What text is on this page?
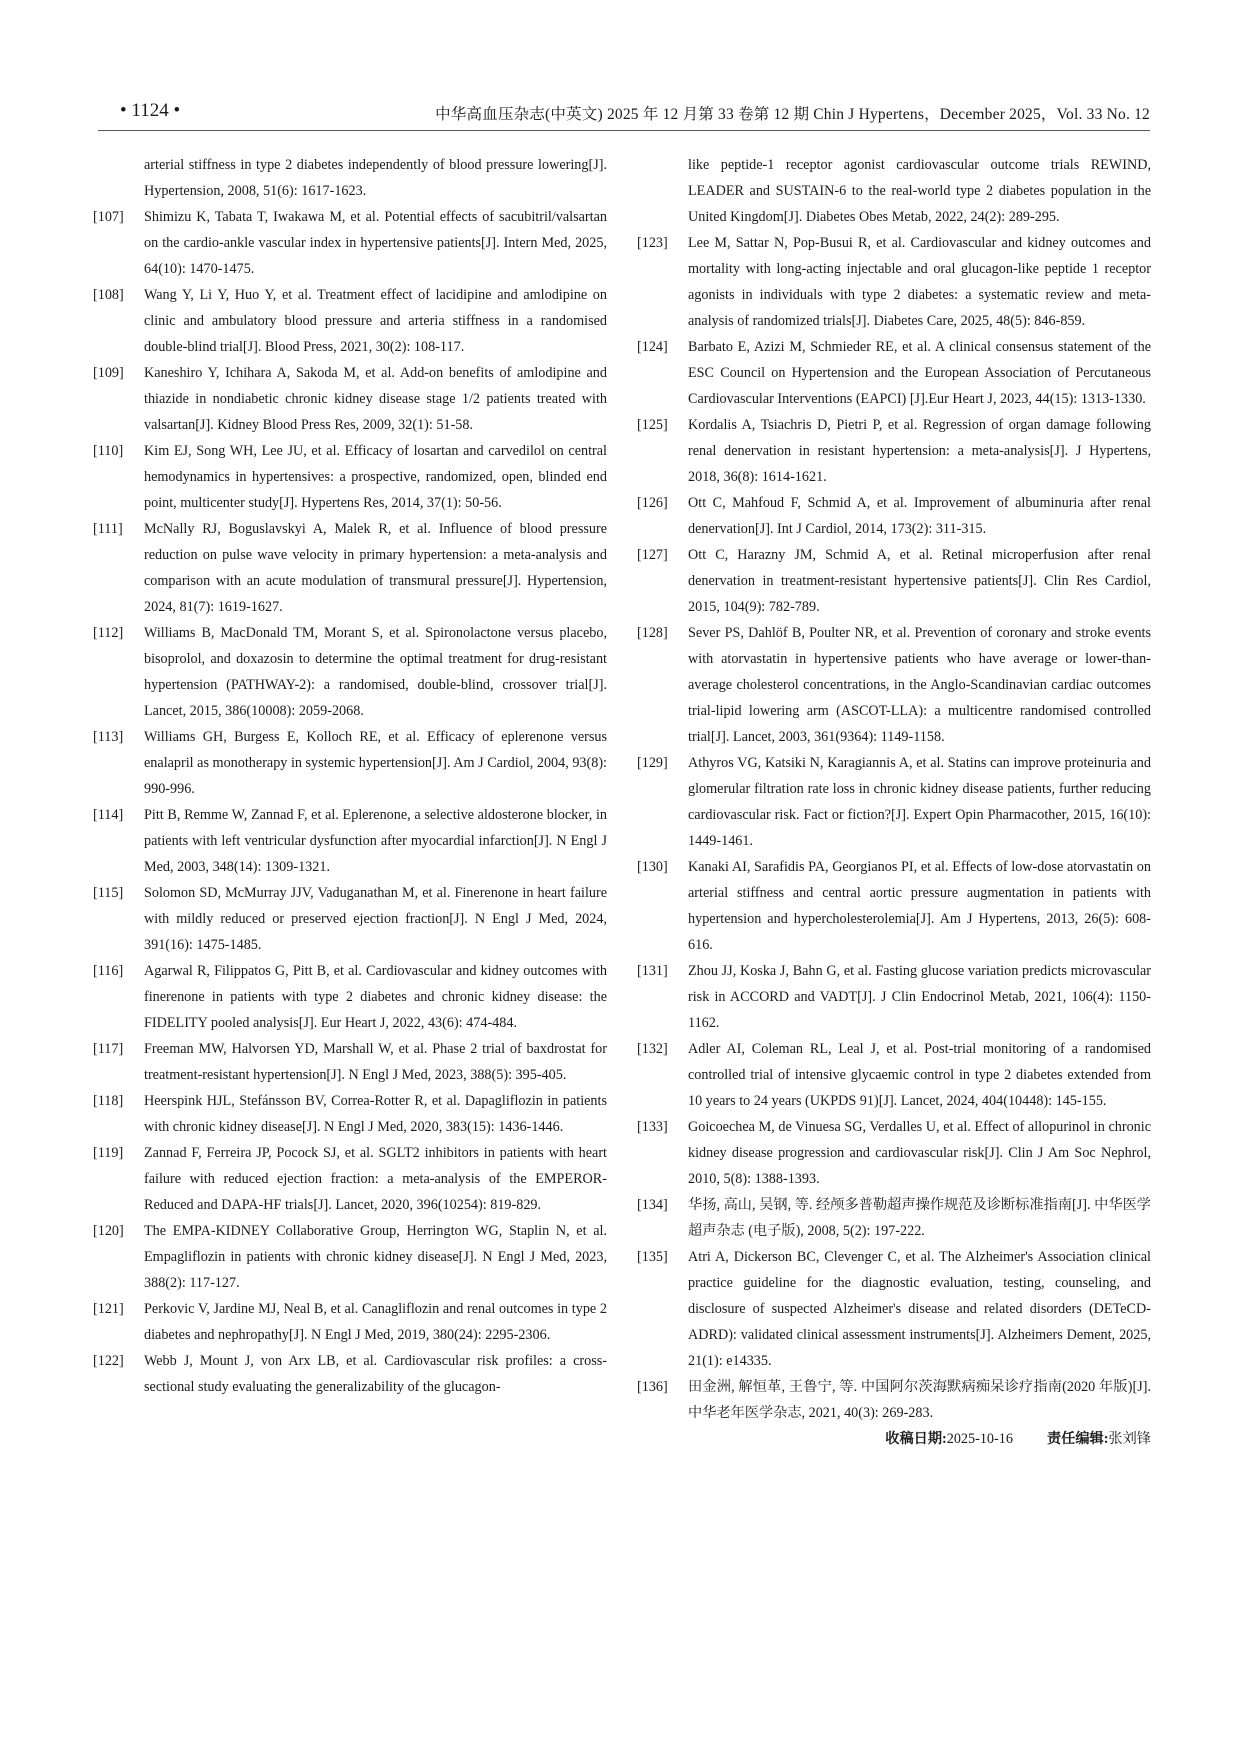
• 1124 •	中华高血压杂志(中英文) 2025 年 12 月第 33 卷第 12 期 Chin J Hypertens，December 2025，Vol. 33 No. 12
arterial stiffness in type 2 diabetes independently of blood pressure lowering[J]. Hypertension, 2008, 51(6): 1617-1623.
[107]	Shimizu K, Tabata T, Iwakawa M, et al. Potential effects of sacubitril/valsartan on the cardio-ankle vascular index in hypertensive patients[J]. Intern Med, 2025, 64(10): 1470-1475.
[108]	Wang Y, Li Y, Huo Y, et al. Treatment effect of lacidipine and amlodipine on clinic and ambulatory blood pressure and arteria stiffness in a randomised double-blind trial[J]. Blood Press, 2021, 30(2): 108-117.
[109]	Kaneshiro Y, Ichihara A, Sakoda M, et al. Add-on benefits of amlodipine and thiazide in nondiabetic chronic kidney disease stage 1/2 patients treated with valsartan[J]. Kidney Blood Press Res, 2009, 32(1): 51-58.
[110]	Kim EJ, Song WH, Lee JU, et al. Efficacy of losartan and carvedilol on central hemodynamics in hypertensives: a prospective, randomized, open, blinded end point, multicenter study[J]. Hypertens Res, 2014, 37(1): 50-56.
[111]	McNally RJ, Boguslavskyi A, Malek R, et al. Influence of blood pressure reduction on pulse wave velocity in primary hypertension: a meta-analysis and comparison with an acute modulation of transmural pressure[J]. Hypertension, 2024, 81(7): 1619-1627.
[112]	Williams B, MacDonald TM, Morant S, et al. Spironolactone versus placebo, bisoprolol, and doxazosin to determine the optimal treatment for drug-resistant hypertension (PATHWAY-2): a randomised, double-blind, crossover trial[J]. Lancet, 2015, 386(10008): 2059-2068.
[113]	Williams GH, Burgess E, Kolloch RE, et al. Efficacy of eplerenone versus enalapril as monotherapy in systemic hypertension[J]. Am J Cardiol, 2004, 93(8): 990-996.
[114]	Pitt B, Remme W, Zannad F, et al. Eplerenone, a selective aldosterone blocker, in patients with left ventricular dysfunction after myocardial infarction[J]. N Engl J Med, 2003, 348(14): 1309-1321.
[115]	Solomon SD, McMurray JJV, Vaduganathan M, et al. Finerenone in heart failure with mildly reduced or preserved ejection fraction[J]. N Engl J Med, 2024, 391(16): 1475-1485.
[116]	Agarwal R, Filippatos G, Pitt B, et al. Cardiovascular and kidney outcomes with finerenone in patients with type 2 diabetes and chronic kidney disease: the FIDELITY pooled analysis[J]. Eur Heart J, 2022, 43(6): 474-484.
[117]	Freeman MW, Halvorsen YD, Marshall W, et al. Phase 2 trial of baxdrostat for treatment-resistant hypertension[J]. N Engl J Med, 2023, 388(5): 395-405.
[118]	Heerspink HJL, Stefánsson BV, Correa-Rotter R, et al. Dapagliflozin in patients with chronic kidney disease[J]. N Engl J Med, 2020, 383(15): 1436-1446.
[119]	Zannad F, Ferreira JP, Pocock SJ, et al. SGLT2 inhibitors in patients with heart failure with reduced ejection fraction: a meta-analysis of the EMPEROR-Reduced and DAPA-HF trials[J]. Lancet, 2020, 396(10254): 819-829.
[120]	The EMPA-KIDNEY Collaborative Group, Herrington WG, Staplin N, et al. Empagliflozin in patients with chronic kidney disease[J]. N Engl J Med, 2023, 388(2): 117-127.
[121]	Perkovic V, Jardine MJ, Neal B, et al. Canagliflozin and renal outcomes in type 2 diabetes and nephropathy[J]. N Engl J Med, 2019, 380(24): 2295-2306.
[122]	Webb J, Mount J, von Arx LB, et al. Cardiovascular risk profiles: a cross-sectional study evaluating the generalizability of the glucagon-
like peptide-1 receptor agonist cardiovascular outcome trials REWIND, LEADER and SUSTAIN-6 to the real-world type 2 diabetes population in the United Kingdom[J]. Diabetes Obes Metab, 2022, 24(2): 289-295.
[123]	Lee M, Sattar N, Pop-Busui R, et al. Cardiovascular and kidney outcomes and mortality with long-acting injectable and oral glucagon-like peptide 1 receptor agonists in individuals with type 2 diabetes: a systematic review and meta-analysis of randomized trials[J]. Diabetes Care, 2025, 48(5): 846-859.
[124]	Barbato E, Azizi M, Schmieder RE, et al. A clinical consensus statement of the ESC Council on Hypertension and the European Association of Percutaneous Cardiovascular Interventions (EAPCI) [J].Eur Heart J, 2023, 44(15): 1313-1330.
[125]	Kordalis A, Tsiachris D, Pietri P, et al. Regression of organ damage following renal denervation in resistant hypertension: a meta-analysis[J]. J Hypertens, 2018, 36(8): 1614-1621.
[126]	Ott C, Mahfoud F, Schmid A, et al. Improvement of albuminuria after renal denervation[J]. Int J Cardiol, 2014, 173(2): 311-315.
[127]	Ott C, Harazny JM, Schmid A, et al. Retinal microperfusion after renal denervation in treatment-resistant hypertensive patients[J]. Clin Res Cardiol, 2015, 104(9): 782-789.
[128]	Sever PS, Dahlöf B, Poulter NR, et al. Prevention of coronary and stroke events with atorvastatin in hypertensive patients who have average or lower-than-average cholesterol concentrations, in the Anglo-Scandinavian cardiac outcomes trial-lipid lowering arm (ASCOT-LLA): a multicentre randomised controlled trial[J]. Lancet, 2003, 361(9364): 1149-1158.
[129]	Athyros VG, Katsiki N, Karagiannis A, et al. Statins can improve proteinuria and glomerular filtration rate loss in chronic kidney disease patients, further reducing cardiovascular risk. Fact or fiction?[J]. Expert Opin Pharmacother, 2015, 16(10): 1449-1461.
[130]	Kanaki AI, Sarafidis PA, Georgianos PI, et al. Effects of low-dose atorvastatin on arterial stiffness and central aortic pressure augmentation in patients with hypertension and hypercholesterolemia[J]. Am J Hypertens, 2013, 26(5): 608-616.
[131]	Zhou JJ, Koska J, Bahn G, et al. Fasting glucose variation predicts microvascular risk in ACCORD and VADT[J]. J Clin Endocrinol Metab, 2021, 106(4): 1150-1162.
[132]	Adler AI, Coleman RL, Leal J, et al. Post-trial monitoring of a randomised controlled trial of intensive glycaemic control in type 2 diabetes extended from 10 years to 24 years (UKPDS 91)[J]. Lancet, 2024, 404(10448): 145-155.
[133]	Goicoechea M, de Vinuesa SG, Verdalles U, et al. Effect of allopurinol in chronic kidney disease progression and cardiovascular risk[J]. Clin J Am Soc Nephrol, 2010, 5(8): 1388-1393.
[134]	华扬, 高山, 吴钢, 等. 经颅多普勒超声操作规范及诊断标准指南[J]. 中华医学超声杂志 (电子版), 2008, 5(2): 197-222.
[135]	Atri A, Dickerson BC, Clevenger C, et al. The Alzheimer's Association clinical practice guideline for the diagnostic evaluation, testing, counseling, and disclosure of suspected Alzheimer's disease and related disorders (DETeCD-ADRD): validated clinical assessment instruments[J]. Alzheimers Dement, 2025, 21(1): e14335.
[136]	田金洲, 解恒革, 王鲁宁, 等. 中国阿尔茨海默病痴呆诊疗指南(2020 年版)[J]. 中华老年医学杂志, 2021, 40(3): 269-283.
收稿日期:2025-10-16 责任编辑:张刘锋
